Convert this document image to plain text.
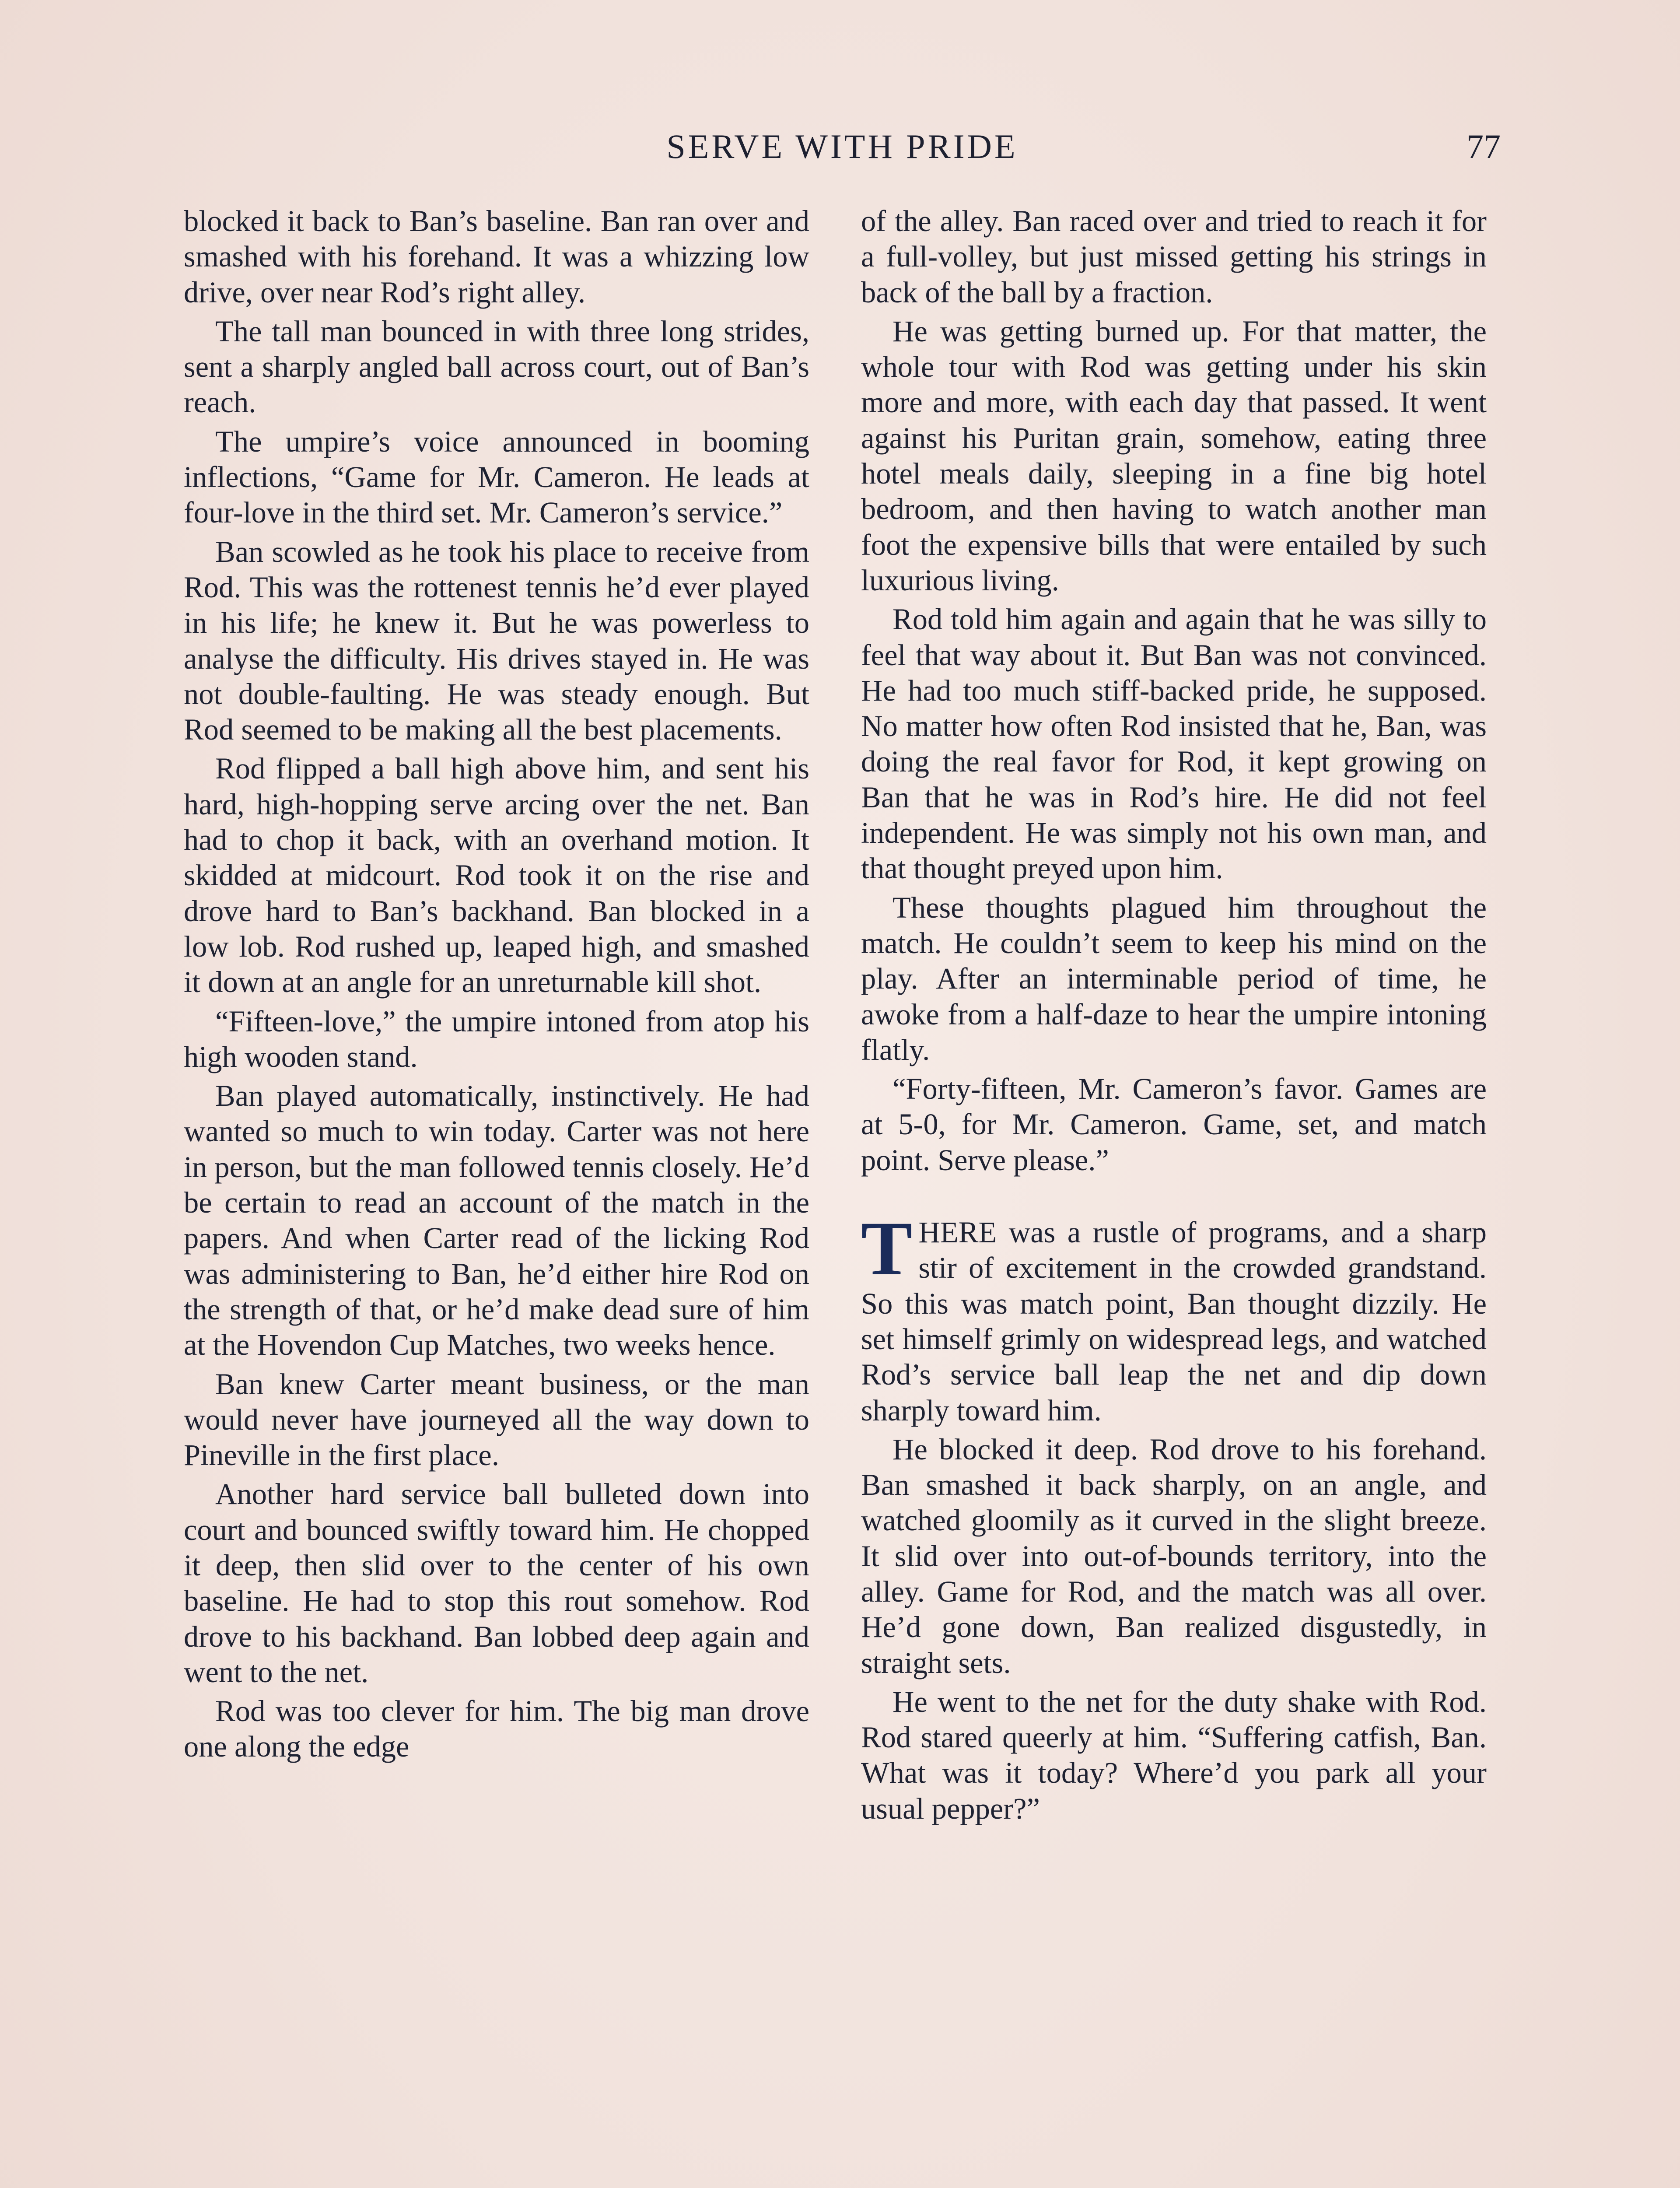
SERVE WITH PRIDE	77

blocked it back to Ban’s baseline. Ban ran over and smashed with his forehand. It was a whizzing low drive, over near Rod’s right alley.

The tall man bounced in with three long strides, sent a sharply angled ball across court, out of Ban’s reach.

The umpire’s voice announced in booming inflections, “Game for Mr. Cameron. He leads at four-love in the third set. Mr. Cameron’s service.”

Ban scowled as he took his place to receive from Rod. This was the rottenest tennis he’d ever played in his life; he knew it. But he was powerless to analyse the difficulty. His drives stayed in. He was not double-faulting. He was steady enough. But Rod seemed to be making all the best placements.

Rod flipped a ball high above him, and sent his hard, high-hopping serve arcing over the net. Ban had to chop it back, with an overhand motion. It skidded at midcourt. Rod took it on the rise and drove hard to Ban’s backhand. Ban blocked in a low lob. Rod rushed up, leaped high, and smashed it down at an angle for an unreturnable kill shot.

“Fifteen-love,” the umpire intoned from atop his high wooden stand.

Ban played automatically, instinctively. He had wanted so much to win today. Carter was not here in person, but the man followed tennis closely. He’d be certain to read an account of the match in the papers. And when Carter read of the licking Rod was administering to Ban, he’d either hire Rod on the strength of that, or he’d make dead sure of him at the Hovendon Cup Matches, two weeks hence.

Ban knew Carter meant business, or the man would never have journeyed all the way down to Pineville in the first place.

Another hard service ball bulleted down into court and bounced swiftly toward him. He chopped it deep, then slid over to the center of his own baseline. He had to stop this rout somehow. Rod drove to his backhand. Ban lobbed deep again and went to the net.

Rod was too clever for him. The big man drove one along the edge

of the alley. Ban raced over and tried to reach it for a full-volley, but just missed getting his strings in back of the ball by a fraction.

He was getting burned up. For that matter, the whole tour with Rod was getting under his skin more and more, with each day that passed. It went against his Puritan grain, somehow, eating three hotel meals daily, sleeping in a fine big hotel bedroom, and then having to watch another man foot the expensive bills that were entailed by such luxurious living.

Rod told him again and again that he was silly to feel that way about it. But Ban was not convinced. He had too much stiff-backed pride, he supposed. No matter how often Rod insisted that he, Ban, was doing the real favor for Rod, it kept growing on Ban that he was in Rod’s hire. He did not feel independent. He was simply not his own man, and that thought preyed upon him.

These thoughts plagued him throughout the match. He couldn’t seem to keep his mind on the play. After an interminable period of time, he awoke from a half-daze to hear the umpire intoning flatly.

“Forty-fifteen, Mr. Cameron’s favor. Games are at 5-0, for Mr. Cameron. Game, set, and match point. Serve please.”

THERE was a rustle of programs, and a sharp stir of excitement in the crowded grandstand. So this was match point, Ban thought dizzily. He set himself grimly on widespread legs, and watched Rod’s service ball leap the net and dip down sharply toward him.

He blocked it deep. Rod drove to his forehand. Ban smashed it back sharply, on an angle, and watched gloomily as it curved in the slight breeze. It slid over into out-of-bounds territory, into the alley. Game for Rod, and the match was all over. He’d gone down, Ban realized disgustedly, in straight sets.

He went to the net for the duty shake with Rod. Rod stared queerly at him. “Suffering catfish, Ban. What was it today? Where’d you park all your usual pepper?”
